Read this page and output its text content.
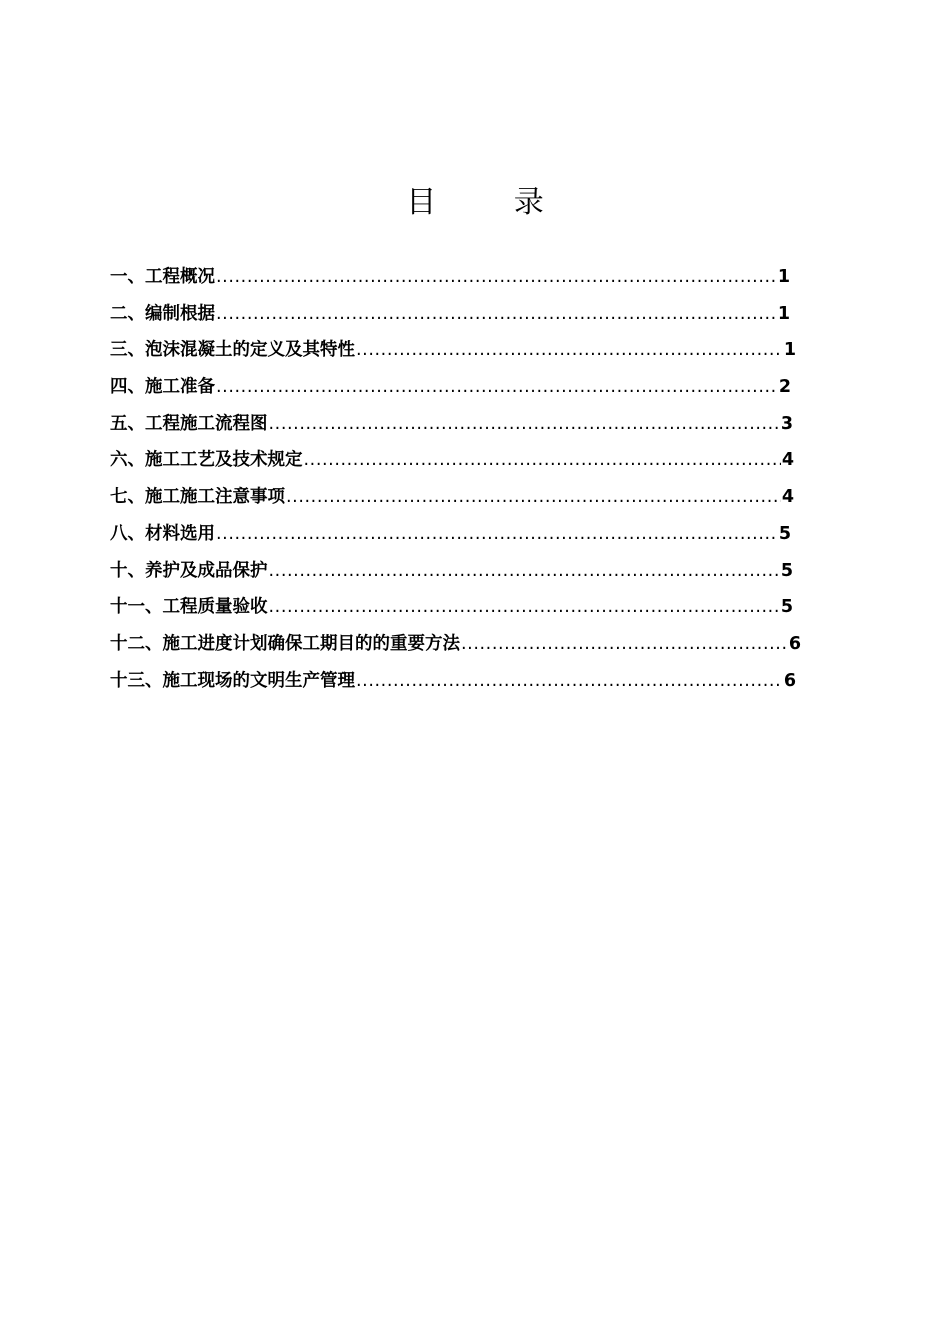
目 录
一、工程概况 .....	1
二、编制根据 .....	1
三、泡沫混凝土的定义及其特性 .....	1
四、施工准备 .....	2
五、工程施工流程图 .....	3
六、施工工艺及技术规定 .....	4
七、施工施工注意事项 .....	4
八、材料选用 .....	5
十、养护及成品保护 .....	5
十一、工程质量验收 .....	5
十二、施工进度计划确保工期目的的重要方法 .....	6
十三、施工现场的文明生产管理 .....	6
